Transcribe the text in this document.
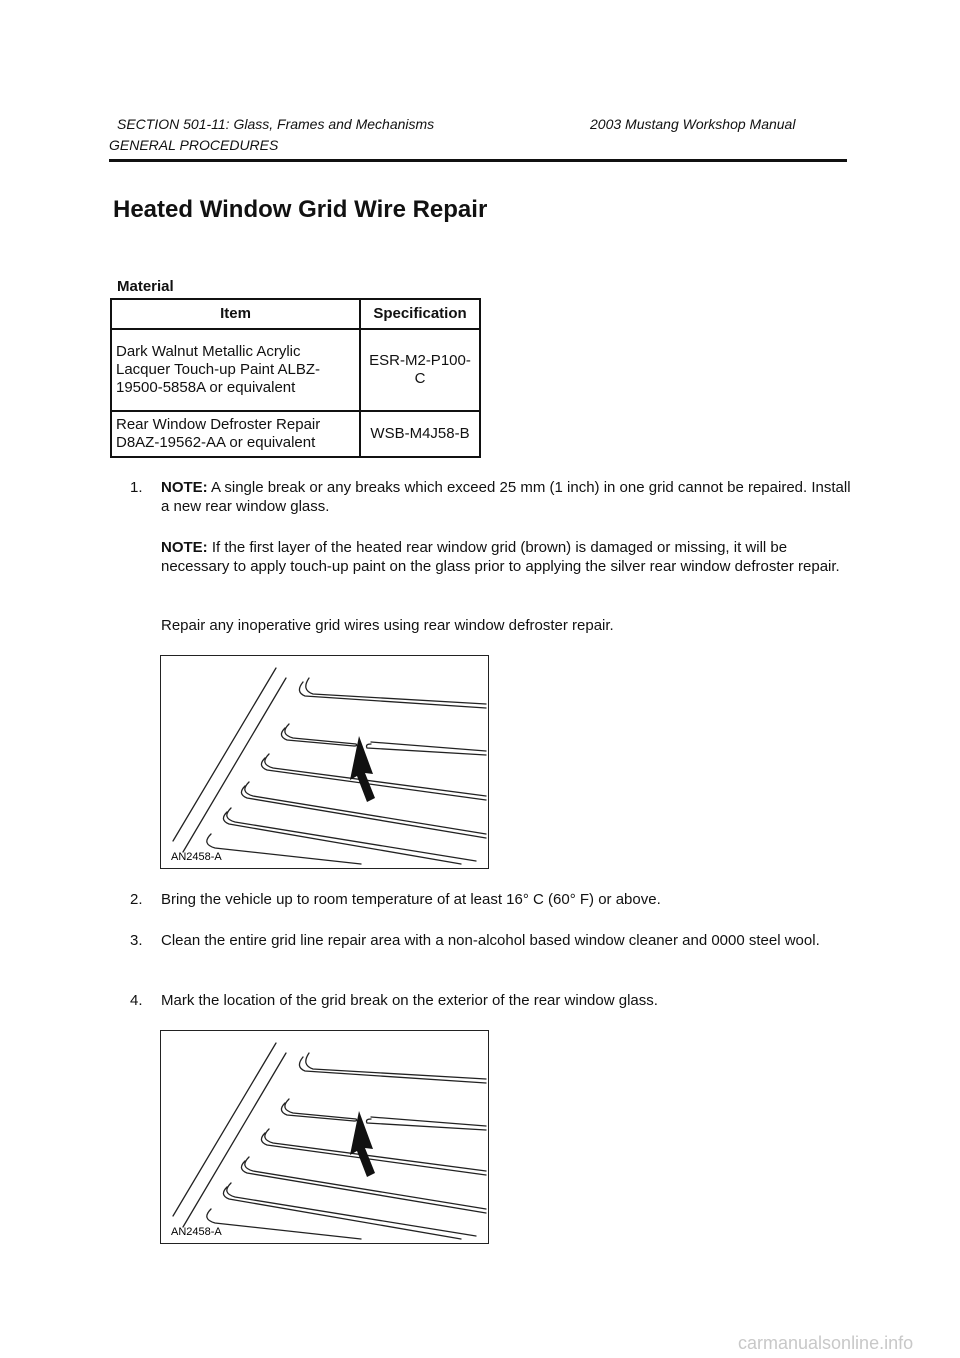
SECTION 501-11: Glass, Frames and Mechanisms	2003 Mustang Workshop Manual
GENERAL PROCEDURES
Heated Window Grid Wire Repair
Material
Item	Specification
Dark Walnut Metallic Acrylic Lacquer Touch-up Paint ALBZ-19500-5858A or equivalent	ESR-M2-P100-C
Rear Window Defroster Repair D8AZ-19562-AA or equivalent	WSB-M4J58-B
1.	NOTE: A single break or any breaks which exceed 25 mm (1 inch) in one grid cannot be repaired. Install a new rear window glass.
NOTE: If the first layer of the heated rear window grid (brown) is damaged or missing, it will be necessary to apply touch-up paint on the glass prior to applying the silver rear window defroster repair.
Repair any inoperative grid wires using rear window defroster repair.
2.	Bring the vehicle up to room temperature of at least 16° C (60° F) or above.
3.	Clean the entire grid line repair area with a non-alcohol based window cleaner and 0000 steel wool.
4.	Mark the location of the grid break on the exterior of the rear window glass.
AN2458-A
AN2458-A
carmanualsonline.info
